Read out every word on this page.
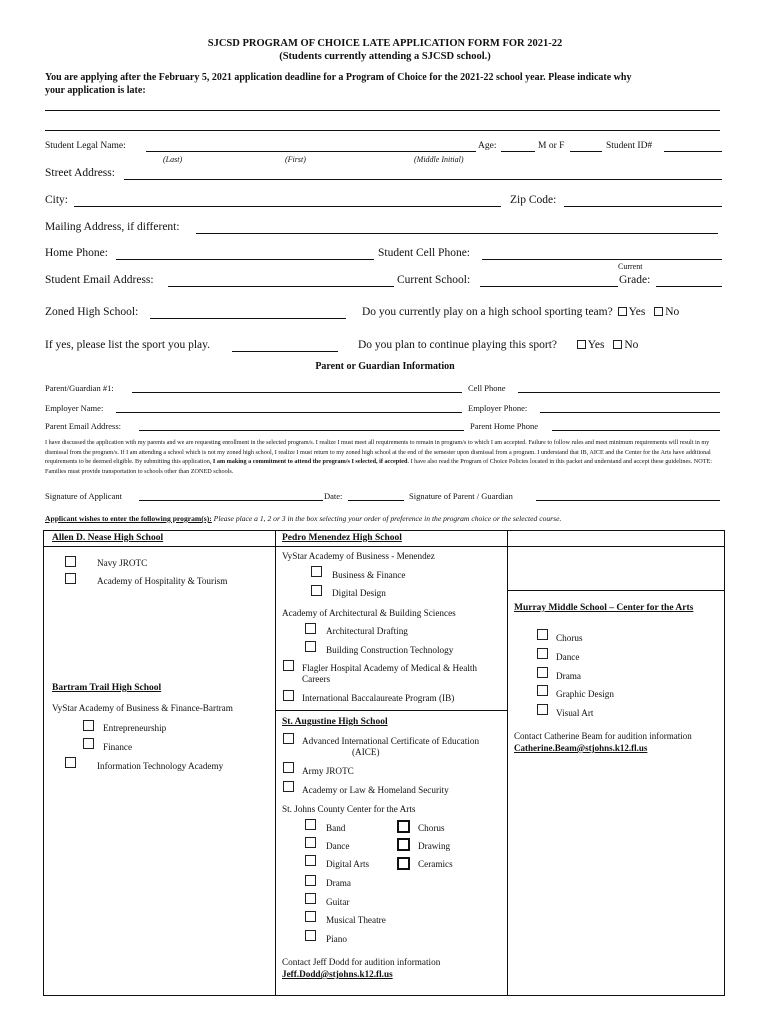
SJCSD PROGRAM OF CHOICE LATE APPLICATION FORM FOR 2021-22
(Students currently attending a SJCSD school.)
You are applying after the February 5, 2021 application deadline for a Program of Choice for the 2021-22 school year. Please indicate why
your application is late:
Student Legal Name:	Age:	M or F	Student ID#
(Last)	(First)	(Middle Initial)
Street Address:
City:	Zip Code:
Mailing Address, if different:
Home Phone:	Student Cell Phone:
Current
Student Email Address:	Current School:	Grade:
Zoned High School:	Do you currently play on a high school sporting team? Yes No
If yes, please list the sport you play.	Do you plan to continue playing this sport?	Yes No
Parent or Guardian Information
Parent/Guardian #1:	Cell Phone
Employer Name:	Employer Phone:
Parent Email Address:	Parent Home Phone
I have discussed the application with my parents and we are requesting enrollment in the selected program/s. I realize I must meet all requirements to remain in program/s to which I am accepted. Failure to follow rules and meet minimum requirements will result in my dismissal from the program/s. If I am attending a school which is not my zoned high school, I realize I must return to my zoned high school at the end of the semester upon dismissal from a program. I understand that IB, AICE and the Center for the Arts have additional requirements to be deemed eligible. By submitting this application, I am making a commitment to attend the program/s I selected, if accepted. I have also read the Program of Choice Policies located in this packet and understand and accept these guidelines. NOTE: Families must provide transportation to schools other than ZONED schools.
Signature of Applicant	Date:	Signature of Parent / Guardian
Applicant wishes to enter the following program(s): Please place a 1, 2 or 3 in the box selecting your order of preference in the program choice or the selected course.
Allen D. Nease High School
Navy JROTC
Academy of Hospitality & Tourism
Bartram Trail High School
VyStar Academy of Business & Finance-Bartram
Entrepreneurship
Finance
Information Technology Academy
Pedro Menendez High School
VyStar Academy of Business - Menendez
Business & Finance
Digital Design
Academy of Architectural & Building Sciences
Architectural Drafting
Building Construction Technology
Flagler Hospital Academy of Medical & Health
Careers
International Baccalaureate Program (IB)
St. Augustine High School
Advanced International Certificate of Education
(AICE)
Army JROTC
Academy or Law & Homeland Security
St. Johns County Center for the Arts
Band
Dance
Digital Arts
Drama
Guitar
Musical Theatre
Piano
Chorus
Drawing
Ceramics
Contact Jeff Dodd for audition information
Jeff.Dodd@stjohns.k12.fl.us
Murray Middle School – Center for the Arts
Chorus
Dance
Drama
Graphic Design
Visual Art
Contact Catherine Beam for audition information
Catherine.Beam@stjohns.k12.fl.us
